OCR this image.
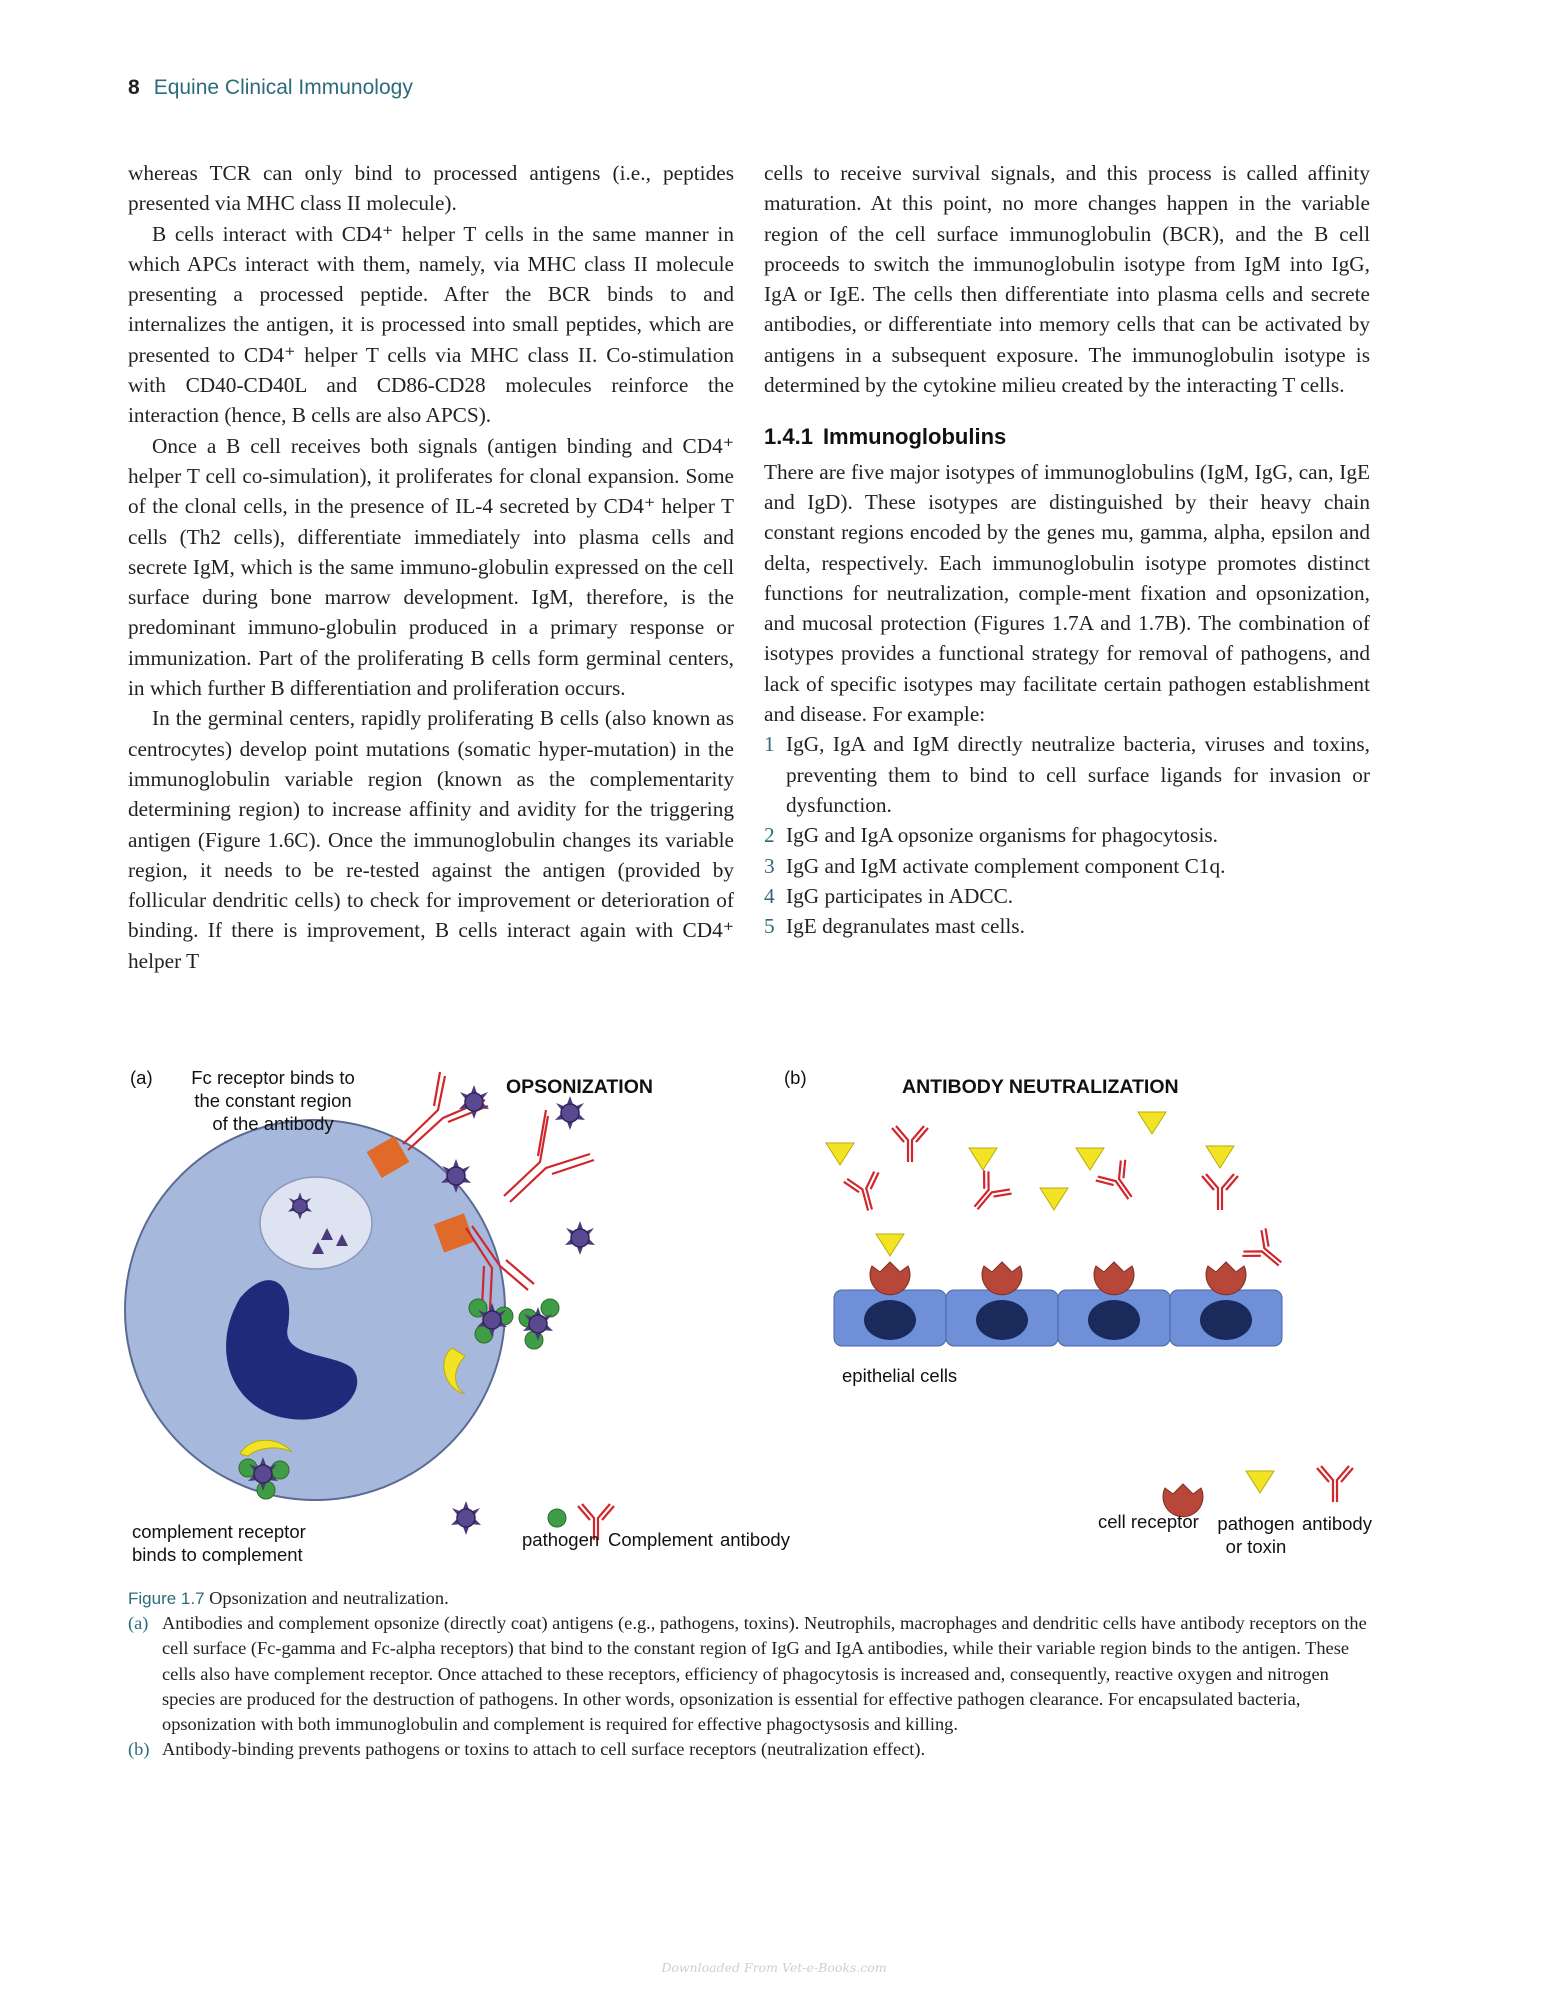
8 Equine Clinical Immunology

whereas TCR can only bind to processed antigens (i.e., peptides presented via MHC class II molecule).

B cells interact with CD4⁺ helper T cells in the same manner in which APCs interact with them, namely, via MHC class II molecule presenting a processed peptide. After the BCR binds to and internalizes the antigen, it is processed into small peptides, which are presented to CD4⁺ helper T cells via MHC class II. Co-stimulation with CD40-CD40L and CD86-CD28 molecules reinforce the interaction (hence, B cells are also APCS).

Once a B cell receives both signals (antigen binding and CD4⁺ helper T cell co-simulation), it proliferates for clonal expansion. Some of the clonal cells, in the presence of IL-4 secreted by CD4⁺ helper T cells (Th2 cells), differentiate immediately into plasma cells and secrete IgM, which is the same immuno-globulin expressed on the cell surface during bone marrow development. IgM, therefore, is the predominant immuno-globulin produced in a primary response or immunization. Part of the proliferating B cells form germinal centers, in which further B differentiation and proliferation occurs.

In the germinal centers, rapidly proliferating B cells (also known as centrocytes) develop point mutations (somatic hyper-mutation) in the immunoglobulin variable region (known as the complementarity determining region) to increase affinity and avidity for the triggering antigen (Figure 1.6C). Once the immunoglobulin changes its variable region, it needs to be re-tested against the antigen (provided by follicular dendritic cells) to check for improvement or deterioration of binding. If there is improvement, B cells interact again with CD4⁺ helper T

cells to receive survival signals, and this process is called affinity maturation. At this point, no more changes happen in the variable region of the cell surface immunoglobulin (BCR), and the B cell proceeds to switch the immunoglobulin isotype from IgM into IgG, IgA or IgE. The cells then differentiate into plasma cells and secrete antibodies, or differentiate into memory cells that can be activated by antigens in a subsequent exposure. The immunoglobulin isotype is determined by the cytokine milieu created by the interacting T cells.

1.4.1 Immunoglobulins

There are five major isotypes of immunoglobulins (IgM, IgG, can, IgE and IgD). These isotypes are distinguished by their heavy chain constant regions encoded by the genes mu, gamma, alpha, epsilon and delta, respectively. Each immunoglobulin isotype promotes distinct functions for neutralization, comple-ment fixation and opsonization, and mucosal protection (Figures 1.7A and 1.7B). The combination of isotypes provides a functional strategy for removal of pathogens, and lack of specific isotypes may facilitate certain pathogen establishment and disease. For example:

1 IgG, IgA and IgM directly neutralize bacteria, viruses and toxins, preventing them to bind to cell surface ligands for invasion or dysfunction.
2 IgG and IgA opsonize organisms for phagocytosis.
3 IgG and IgM activate complement component C1q.
4 IgG participates in ADCC.
5 IgE degranulates mast cells.
(a)	Fc receptor binds to
the constant region
of the antibody
OPSONIZATION
complement receptor
binds to complement
pathogen Complement antibody
(b)	ANTIBODY NEUTRALIZATION
epithelial cells
cell receptor	pathogen
or toxin
antibody
Figure 1.7 Opsonization and neutralization.
(a) Antibodies and complement opsonize (directly coat) antigens (e.g., pathogens, toxins). Neutrophils, macrophages and dendritic cells have antibody receptors on the cell surface (Fc-gamma and Fc-alpha receptors) that bind to the constant region of IgG and IgA antibodies, while their variable region binds to the antigen. These cells also have complement receptor. Once attached to these receptors, efficiency of phagocytosis is increased and, consequently, reactive oxygen and nitrogen species are produced for the destruction of pathogens. In other words, opsonization is essential for effective pathogen clearance. For encapsulated bacteria, opsonization with both immunoglobulin and complement is required for effective phagoctysosis and killing.
(b) Antibody-binding prevents pathogens or toxins to attach to cell surface receptors (neutralization effect).
Downloaded From Vet-e-Books.com
